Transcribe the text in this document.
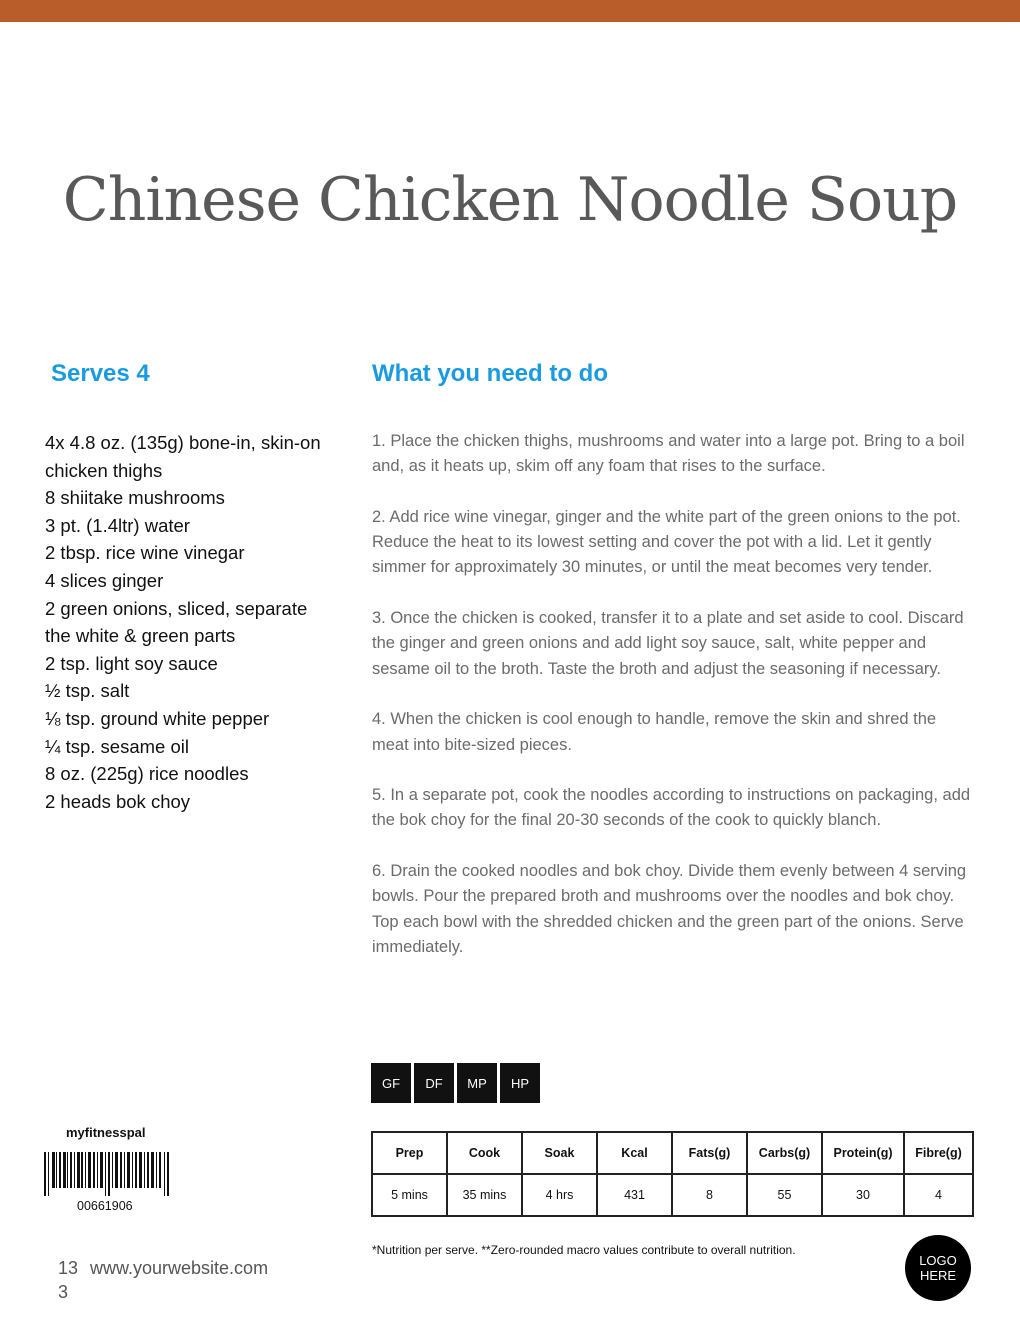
Chinese Chicken Noodle Soup
Serves 4	What you need to do
4x 4.8 oz. (135g) bone-in, skin-on chicken thighs
8 shiitake mushrooms
3 pt. (1.4ltr) water
2 tbsp. rice wine vinegar
4 slices ginger
2 green onions, sliced, separate the white & green parts
2 tsp. light soy sauce
½ tsp. salt
⅛ tsp. ground white pepper
¼ tsp. sesame oil
8 oz. (225g) rice noodles
2 heads bok choy
1. Place the chicken thighs, mushrooms and water into a large pot. Bring to a boil and, as it heats up, skim off any foam that rises to the surface.
2. Add rice wine vinegar, ginger and the white part of the green onions to the pot. Reduce the heat to its lowest setting and cover the pot with a lid. Let it gently simmer for approximately 30 minutes, or until the meat becomes very tender.
3. Once the chicken is cooked, transfer it to a plate and set aside to cool. Discard the ginger and green onions and add light soy sauce, salt, white pepper and sesame oil to the broth. Taste the broth and adjust the seasoning if necessary.
4. When the chicken is cool enough to handle, remove the skin and shred the meat into bite-sized pieces.
5. In a separate pot, cook the noodles according to instructions on packaging, add the bok choy for the final 20-30 seconds of the cook to quickly blanch.
6. Drain the cooked noodles and bok choy. Divide them evenly between 4 serving bowls. Pour the prepared broth and mushrooms over the noodles and bok choy. Top each bowl with the shredded chicken and the green part of the onions. Serve immediately.
GF	DF	MP	HP
Prep	Cook	Soak	Kcal	Fats(g)	Carbs(g)	Protein(g)	Fibre(g)
5 mins	35 mins	4 hrs	431	8	55	30	4
*Nutrition per serve. **Zero-rounded macro values contribute to overall nutrition.
myfitnesspal
00661906
133
www.yourwebsite.com	LOGO HERE
